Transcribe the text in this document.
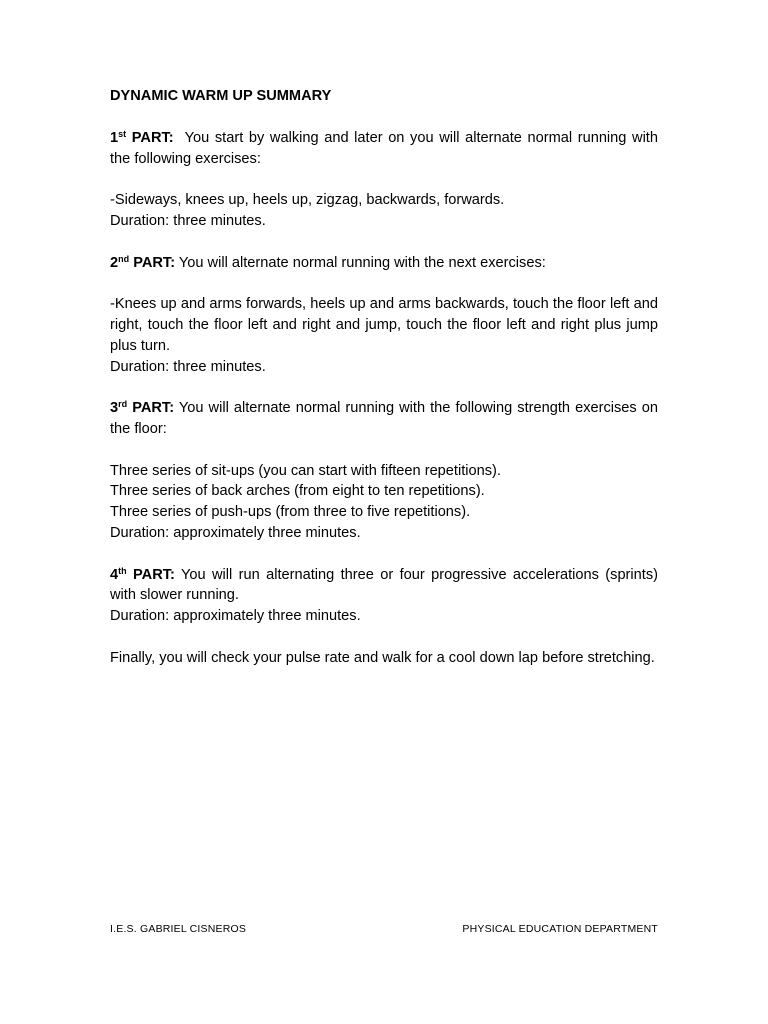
DYNAMIC WARM UP SUMMARY
1st PART: You start by walking and later on you will alternate normal running with the following exercises:
-Sideways, knees up, heels up, zigzag, backwards, forwards.
Duration: three minutes.
2nd PART: You will alternate normal running with the next exercises:
-Knees up and arms forwards, heels up and arms backwards, touch the floor left and right, touch the floor left and right and jump, touch the floor left and right plus jump plus turn.
Duration: three minutes.
3rd PART: You will alternate normal running with the following strength exercises on the floor:
Three series of sit-ups (you can start with fifteen repetitions).
Three series of back arches (from eight to ten repetitions).
Three series of push-ups (from three to five repetitions).
Duration: approximately three minutes.
4th PART: You will run alternating three or four progressive accelerations (sprints) with slower running.
Duration: approximately three minutes.
Finally, you will check your pulse rate and walk for a cool down lap before stretching.
I.E.S. GABRIEL CISNEROS	PHYSICAL EDUCATION DEPARTMENT
